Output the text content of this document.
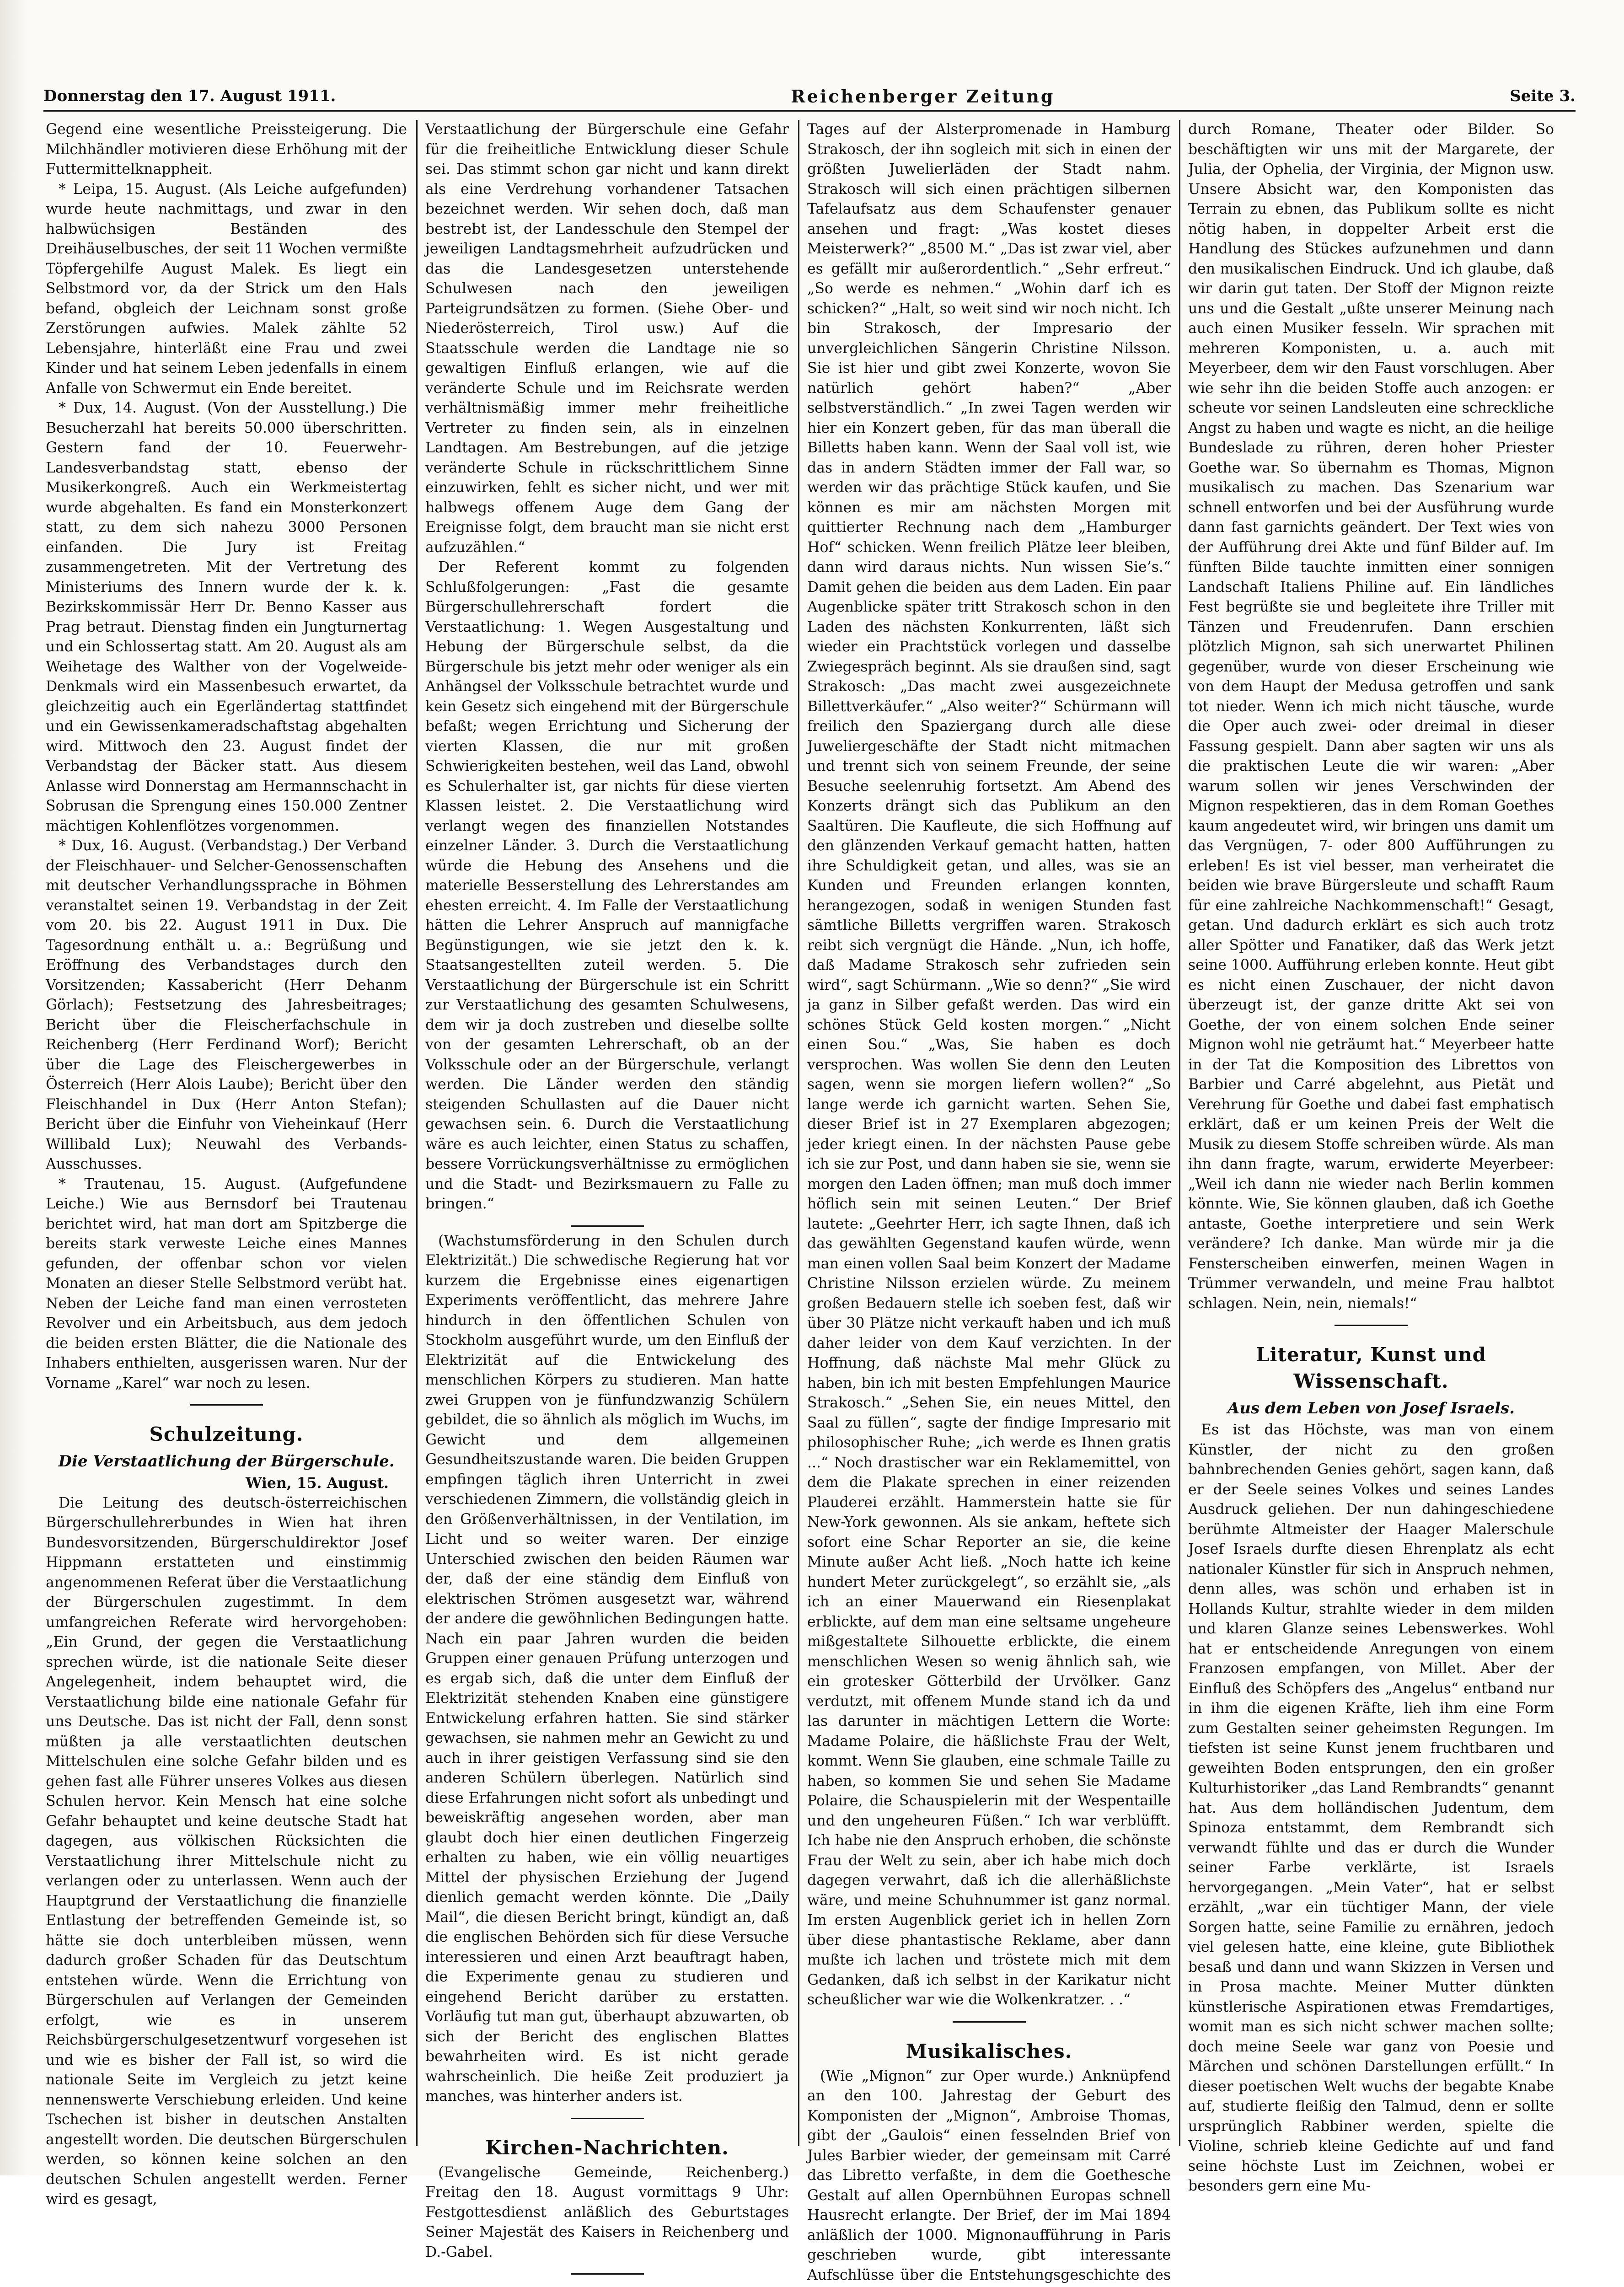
Donnerstag den 17. August 1911.	Reichenberger Zeitung	Seite 3.

Gegend eine wesentliche Preissteigerung. Die Milchhändler motivieren diese Erhöhung mit der Futtermittelknappheit.

* Leipa, 15. August. (Als Leiche aufgefunden) wurde heute nachmittags, und zwar in den halbwüchsigen Beständen des Dreihäuselbusches, der seit 11 Wochen vermißte Töpfergehilfe August Malek. Es liegt ein Selbstmord vor, da der Strick um den Hals befand, obgleich der Leichnam sonst große Zerstörungen aufwies. Malek zählte 52 Lebensjahre, hinterläßt eine Frau und zwei Kinder und hat seinem Leben jedenfalls in einem Anfalle von Schwermut ein Ende bereitet.

* Dux, 14. August. (Von der Ausstellung.) Die Besucherzahl hat bereits 50.000 überschritten. Gestern fand der 10. Feuerwehr-Landesverbandstag statt, ebenso der Musikerkongreß. Auch ein Werkmeistertag wurde abgehalten. Es fand ein Monsterkonzert statt, zu dem sich nahezu 3000 Personen einfanden. Die Jury ist Freitag zusammengetreten. Mit der Vertretung des Ministeriums des Innern wurde der k. k. Bezirkskommissär Herr Dr. Benno Kasser aus Prag betraut. Dienstag finden ein Jungturnertag und ein Schlossertag statt. Am 20. August als am Weihetage des Walther von der Vogelweide-Denkmals wird ein Massenbesuch erwartet, da gleichzeitig auch ein Egerländertag stattfindet und ein Gewissenkameradschaftstag abgehalten wird. Mittwoch den 23. August findet der Verbandstag der Bäcker statt. Aus diesem Anlasse wird Donnerstag am Hermannschacht in Sobrusan die Sprengung eines 150.000 Zentner mächtigen Kohlenflötzes vorgenommen.

* Dux, 16. August. (Verbandstag.) Der Verband der Fleischhauer- und Selcher-Genossenschaften mit deutscher Verhandlungssprache in Böhmen veranstaltet seinen 19. Verbandstag in der Zeit vom 20. bis 22. August 1911 in Dux. Die Tagesordnung enthält u. a.: Begrüßung und Eröffnung des Verbandstages durch den Vorsitzenden; Kassabericht (Herr Dehanm Görlach); Festsetzung des Jahresbeitrages; Bericht über die Fleischerfachschule in Reichenberg (Herr Ferdinand Worf); Bericht über die Lage des Fleischergewerbes in Österreich (Herr Alois Laube); Bericht über den Fleischhandel in Dux (Herr Anton Stefan); Bericht über die Einfuhr von Vieheinkauf (Herr Willibald Lux); Neuwahl des Verbands-Ausschusses.

* Trautenau, 15. August. (Aufgefundene Leiche.) Wie aus Bernsdorf bei Trautenau berichtet wird, hat man dort am Spitzberge die bereits stark verweste Leiche eines Mannes gefunden, der offenbar schon vor vielen Monaten an dieser Stelle Selbstmord verübt hat. Neben der Leiche fand man einen verrosteten Revolver und ein Arbeitsbuch, aus dem jedoch die beiden ersten Blätter, die die Nationale des Inhabers enthielten, ausgerissen waren. Nur der Vorname „Karel“ war noch zu lesen.

Schulzeitung.
Die Verstaatlichung der Bürgerschule.

Wien, 15. August.

Die Leitung des deutsch-österreichischen Bürgerschullehrerbundes in Wien hat ihren Bundesvorsitzenden, Bürgerschuldirektor Josef Hippmann erstatteten und einstimmig angenommenen Referat über die Verstaatlichung der Bürgerschulen zugestimmt. In dem umfangreichen Referate wird hervorgehoben: „Ein Grund, der gegen die Verstaatlichung sprechen würde, ist die nationale Seite dieser Angelegenheit, indem behauptet wird, die Verstaatlichung bilde eine nationale Gefahr für uns Deutsche. Das ist nicht der Fall, denn sonst müßten ja alle verstaatlichten deutschen Mittelschulen eine solche Gefahr bilden und es gehen fast alle Führer unseres Volkes aus diesen Schulen hervor. Kein Mensch hat eine solche Gefahr behauptet und keine deutsche Stadt hat dagegen, aus völkischen Rücksichten die Verstaatlichung ihrer Mittelschule nicht zu verlangen oder zu unterlassen. Wenn auch der Hauptgrund der Verstaatlichung die finanzielle Entlastung der betreffenden Gemeinde ist, so hätte sie doch unterbleiben müssen, wenn dadurch großer Schaden für das Deutschtum entstehen würde. Wenn die Errichtung von Bürgerschulen auf Verlangen der Gemeinden erfolgt, wie es in unserem Reichsbürgerschulgesetzentwurf vorgesehen ist und wie es bisher der Fall ist, so wird die nationale Seite im Vergleich zu jetzt keine nennenswerte Verschiebung erleiden. Und keine Tschechen ist bisher in deutschen Anstalten angestellt worden. Die deutschen Bürgerschulen werden, so können keine solchen an den deutschen Schulen angestellt werden. Ferner wird es gesagt,

Verstaatlichung der Bürgerschule eine Gefahr für die freiheitliche Entwicklung dieser Schule sei. Das stimmt schon gar nicht und kann direkt als eine Verdrehung vorhandener Tatsachen bezeichnet werden. Wir sehen doch, daß man bestrebt ist, der Landesschule den Stempel der jeweiligen Landtagsmehrheit aufzudrücken und das die Landesgesetzen unterstehende Schulwesen nach den jeweiligen Parteigrundsätzen zu formen. (Siehe Ober- und Niederösterreich, Tirol usw.) Auf die Staatsschule werden die Landtage nie so gewaltigen Einfluß erlangen, wie auf die veränderte Schule und im Reichsrate werden verhältnismäßig immer mehr freiheitliche Vertreter zu finden sein, als in einzelnen Landtagen. Am Bestrebungen, auf die jetzige veränderte Schule in rückschrittlichem Sinne einzuwirken, fehlt es sicher nicht, und wer mit halbwegs offenem Auge dem Gang der Ereignisse folgt, dem braucht man sie nicht erst aufzuzählen.“

Der Referent kommt zu folgenden Schlußfolgerungen: „Fast die gesamte Bürgerschullehrerschaft fordert die Verstaatlichung: 1. Wegen Ausgestaltung und Hebung der Bürgerschule selbst, da die Bürgerschule bis jetzt mehr oder weniger als ein Anhängsel der Volksschule betrachtet wurde und kein Gesetz sich eingehend mit der Bürgerschule befaßt; wegen Errichtung und Sicherung der vierten Klassen, die nur mit großen Schwierigkeiten bestehen, weil das Land, obwohl es Schulerhalter ist, gar nichts für diese vierten Klassen leistet. 2. Die Verstaatlichung wird verlangt wegen des finanziellen Notstandes einzelner Länder. 3. Durch die Verstaatlichung würde die Hebung des Ansehens und die materielle Besserstellung des Lehrerstandes am ehesten erreicht. 4. Im Falle der Verstaatlichung hätten die Lehrer Anspruch auf mannigfache Begünstigungen, wie sie jetzt den k. k. Staatsangestellten zuteil werden. 5. Die Verstaatlichung der Bürgerschule ist ein Schritt zur Verstaatlichung des gesamten Schulwesens, dem wir ja doch zustreben und dieselbe sollte von der gesamten Lehrerschaft, ob an der Volksschule oder an der Bürgerschule, verlangt werden. Die Länder werden den ständig steigenden Schullasten auf die Dauer nicht gewachsen sein. 6. Durch die Verstaatlichung wäre es auch leichter, einen Status zu schaffen, bessere Vorrückungsverhältnisse zu ermöglichen und die Stadt- und Bezirksmauern zu Falle zu bringen.“

(Wachstumsförderung in den Schulen durch Elektrizität.) Die schwedische Regierung hat vor kurzem die Ergebnisse eines eigenartigen Experiments veröffentlicht, das mehrere Jahre hindurch in den öffentlichen Schulen von Stockholm ausgeführt wurde, um den Einfluß der Elektrizität auf die Entwickelung des menschlichen Körpers zu studieren. Man hatte zwei Gruppen von je fünfundzwanzig Schülern gebildet, die so ähnlich als möglich im Wuchs, im Gewicht und dem allgemeinen Gesundheitszustande waren. Die beiden Gruppen empfingen täglich ihren Unterricht in zwei verschiedenen Zimmern, die vollständig gleich in den Größenverhältnissen, in der Ventilation, im Licht und so weiter waren. Der einzige Unterschied zwischen den beiden Räumen war der, daß der eine ständig dem Einfluß von elektrischen Strömen ausgesetzt war, während der andere die gewöhnlichen Bedingungen hatte. Nach ein paar Jahren wurden die beiden Gruppen einer genauen Prüfung unterzogen und es ergab sich, daß die unter dem Einfluß der Elektrizität stehenden Knaben eine günstigere Entwickelung erfahren hatten. Sie sind stärker gewachsen, sie nahmen mehr an Gewicht zu und auch in ihrer geistigen Verfassung sind sie den anderen Schülern überlegen. Natürlich sind diese Erfahrungen nicht sofort als unbedingt und beweiskräftig angesehen worden, aber man glaubt doch hier einen deutlichen Fingerzeig erhalten zu haben, wie ein völlig neuartiges Mittel der physischen Erziehung der Jugend dienlich gemacht werden könnte. Die „Daily Mail“, die diesen Bericht bringt, kündigt an, daß die englischen Behörden sich für diese Versuche interessieren und einen Arzt beauftragt haben, die Experimente genau zu studieren und eingehend Bericht darüber zu erstatten. Vorläufig tut man gut, überhaupt abzuwarten, ob sich der Bericht des englischen Blattes bewahrheiten wird. Es ist nicht gerade wahrscheinlich. Die heiße Zeit produziert ja manches, was hinterher anders ist.

Kirchen-Nachrichten.

(Evangelische Gemeinde, Reichenberg.) Freitag den 18. August vormittags 9 Uhr: Festgottesdienst anläßlich des Geburtstages Seiner Majestät des Kaisers in Reichenberg und D.-Gabel.

Tages auf der Alsterpromenade in Hamburg Strakosch, der ihn sogleich mit sich in einen der größten Juwelierläden der Stadt nahm. Strakosch will sich einen prächtigen silbernen Tafelaufsatz aus dem Schaufenster genauer ansehen und fragt: „Was kostet dieses Meisterwerk?“ „8500 M.“ „Das ist zwar viel, aber es gefällt mir außerordentlich.“ „Sehr erfreut.“ „So werde es nehmen.“ „Wohin darf ich es schicken?“ „Halt, so weit sind wir noch nicht. Ich bin Strakosch, der Impresario der unvergleichlichen Sängerin Christine Nilsson. Sie ist hier und gibt zwei Konzerte, wovon Sie natürlich gehört haben?“ „Aber selbstverständlich.“ „In zwei Tagen werden wir hier ein Konzert geben, für das man überall die Billetts haben kann. Wenn der Saal voll ist, wie das in andern Städten immer der Fall war, so werden wir das prächtige Stück kaufen, und Sie können es mir am nächsten Morgen mit quittierter Rechnung nach dem „Hamburger Hof“ schicken. Wenn freilich Plätze leer bleiben, dann wird daraus nichts. Nun wissen Sie’s.“ Damit gehen die beiden aus dem Laden. Ein paar Augenblicke später tritt Strakosch schon in den Laden des nächsten Konkurrenten, läßt sich wieder ein Prachtstück vorlegen und dasselbe Zwiegespräch beginnt. Als sie draußen sind, sagt Strakosch: „Das macht zwei ausgezeichnete Billettverkäufer.“ „Also weiter?“ Schürmann will freilich den Spaziergang durch alle diese Juweliergeschäfte der Stadt nicht mitmachen und trennt sich von seinem Freunde, der seine Besuche seelenruhig fortsetzt. Am Abend des Konzerts drängt sich das Publikum an den Saaltüren. Die Kaufleute, die sich Hoffnung auf den glänzenden Verkauf gemacht hatten, hatten ihre Schuldigkeit getan, und alles, was sie an Kunden und Freunden erlangen konnten, herangezogen, sodaß in wenigen Stunden fast sämtliche Billetts vergriffen waren. Strakosch reibt sich vergnügt die Hände. „Nun, ich hoffe, daß Madame Strakosch sehr zufrieden sein wird“, sagt Schürmann. „Wie so denn?“ „Sie wird ja ganz in Silber gefaßt werden. Das wird ein schönes Stück Geld kosten morgen.“ „Nicht einen Sou.“ „Was, Sie haben es doch versprochen. Was wollen Sie denn den Leuten sagen, wenn sie morgen liefern wollen?“ „So lange werde ich garnicht warten. Sehen Sie, dieser Brief ist in 27 Exemplaren abgezogen; jeder kriegt einen. In der nächsten Pause gebe ich sie zur Post, und dann haben sie sie, wenn sie morgen den Laden öffnen; man muß doch immer höflich sein mit seinen Leuten.“ Der Brief lautete: „Geehrter Herr, ich sagte Ihnen, daß ich das gewählten Gegenstand kaufen würde, wenn man einen vollen Saal beim Konzert der Madame Christine Nilsson erzielen würde. Zu meinem großen Bedauern stelle ich soeben fest, daß wir über 30 Plätze nicht verkauft haben und ich muß daher leider von dem Kauf verzichten. In der Hoffnung, daß nächste Mal mehr Glück zu haben, bin ich mit besten Empfehlungen Maurice Strakosch.“ „Sehen Sie, ein neues Mittel, den Saal zu füllen“, sagte der findige Impresario mit philosophischer Ruhe; „ich werde es Ihnen gratis ...“ Noch drastischer war ein Reklamemittel, von dem die Plakate sprechen in einer reizenden Plauderei erzählt. Hammerstein hatte sie für New-York gewonnen. Als sie ankam, heftete sich sofort eine Schar Reporter an sie, die keine Minute außer Acht ließ. „Noch hatte ich keine hundert Meter zurückgelegt“, so erzählt sie, „als ich an einer Mauerwand ein Riesenplakat erblickte, auf dem man eine seltsame ungeheure mißgestaltete Silhouette erblickte, die einem menschlichen Wesen so wenig ähnlich sah, wie ein grotesker Götterbild der Urvölker. Ganz verdutzt, mit offenem Munde stand ich da und las darunter in mächtigen Lettern die Worte: Madame Polaire, die häßlichste Frau der Welt, kommt. Wenn Sie glauben, eine schmale Taille zu haben, so kommen Sie und sehen Sie Madame Polaire, die Schauspielerin mit der Wespentaille und den ungeheuren Füßen.“ Ich war verblüfft. Ich habe nie den Anspruch erhoben, die schönste Frau der Welt zu sein, aber ich habe mich doch dagegen verwahrt, daß ich die allerhäßlichste wäre, und meine Schuhnummer ist ganz normal. Im ersten Augenblick geriet ich in hellen Zorn über diese phantastische Reklame, aber dann mußte ich lachen und tröstete mich mit dem Gedanken, daß ich selbst in der Karikatur nicht scheußlicher war wie die Wolkenkratzer. . .“

Musikalisches.

(Wie „Mignon“ zur Oper wurde.) Anknüpfend an den 100. Jahrestag der Geburt des Komponisten der „Mignon“, Ambroise Thomas, gibt der „Gaulois“ einen fesselnden Brief von Jules Barbier wieder, der gemeinsam mit Carré das Libretto verfaßte, in dem die Goethesche Gestalt auf allen Opernbühnen Europas schnell Hausrecht erlangte. Der Brief, der im Mai 1894 anläßlich der 1000. Mignonaufführung in Paris geschrieben wurde, gibt interessante Aufschlüsse über die Entstehungsgeschichte des

durch Romane, Theater oder Bilder. So beschäftigten wir uns mit der Margarete, der Julia, der Ophelia, der Virginia, der Mignon usw. Unsere Absicht war, den Komponisten das Terrain zu ebnen, das Publikum sollte es nicht nötig haben, in doppelter Arbeit erst die Handlung des Stückes aufzunehmen und dann den musikalischen Eindruck. Und ich glaube, daß wir darin gut taten. Der Stoff der Mignon reizte uns und die Gestalt „ußte unserer Meinung nach auch einen Musiker fesseln. Wir sprachen mit mehreren Komponisten, u. a. auch mit Meyerbeer, dem wir den Faust vorschlugen. Aber wie sehr ihn die beiden Stoffe auch anzogen: er scheute vor seinen Landsleuten eine schreckliche Angst zu haben und wagte es nicht, an die heilige Bundeslade zu rühren, deren hoher Priester Goethe war. So übernahm es Thomas, Mignon musikalisch zu machen. Das Szenarium war schnell entworfen und bei der Ausführung wurde dann fast garnichts geändert. Der Text wies von der Aufführung drei Akte und fünf Bilder auf. Im fünften Bilde tauchte inmitten einer sonnigen Landschaft Italiens Philine auf. Ein ländliches Fest begrüßte sie und begleitete ihre Triller mit Tänzen und Freudenrufen. Dann erschien plötzlich Mignon, sah sich unerwartet Philinen gegenüber, wurde von dieser Erscheinung wie von dem Haupt der Medusa getroffen und sank tot nieder. Wenn ich mich nicht täusche, wurde die Oper auch zwei- oder dreimal in dieser Fassung gespielt. Dann aber sagten wir uns als die praktischen Leute die wir waren: „Aber warum sollen wir jenes Verschwinden der Mignon respektieren, das in dem Roman Goethes kaum angedeutet wird, wir bringen uns damit um das Vergnügen, 7- oder 800 Aufführungen zu erleben! Es ist viel besser, man verheiratet die beiden wie brave Bürgersleute und schafft Raum für eine zahlreiche Nachkommenschaft!“ Gesagt, getan. Und dadurch erklärt es sich auch trotz aller Spötter und Fanatiker, daß das Werk jetzt seine 1000. Aufführung erleben konnte. Heut gibt es nicht einen Zuschauer, der nicht davon überzeugt ist, der ganze dritte Akt sei von Goethe, der von einem solchen Ende seiner Mignon wohl nie geträumt hat.“ Meyerbeer hatte in der Tat die Komposition des Librettos von Barbier und Carré abgelehnt, aus Pietät und Verehrung für Goethe und dabei fast emphatisch erklärt, daß er um keinen Preis der Welt die Musik zu diesem Stoffe schreiben würde. Als man ihn dann fragte, warum, erwiderte Meyerbeer: „Weil ich dann nie wieder nach Berlin kommen könnte. Wie, Sie können glauben, daß ich Goethe antaste, Goethe interpretiere und sein Werk verändere? Ich danke. Man würde mir ja die Fensterscheiben einwerfen, meinen Wagen in Trümmer verwandeln, und meine Frau halbtot schlagen. Nein, nein, niemals!“

Literatur, Kunst und Wissenschaft.
Aus dem Leben von Josef Israels.

Es ist das Höchste, was man von einem Künstler, der nicht zu den großen bahnbrechenden Genies gehört, sagen kann, daß er der Seele seines Volkes und seines Landes Ausdruck geliehen. Der nun dahingeschiedene berühmte Altmeister der Haager Malerschule Josef Israels durfte diesen Ehrenplatz als echt nationaler Künstler für sich in Anspruch nehmen, denn alles, was schön und erhaben ist in Hollands Kultur, strahlte wieder in dem milden und klaren Glanze seines Lebenswerkes. Wohl hat er entscheidende Anregungen von einem Franzosen empfangen, von Millet. Aber der Einfluß des Schöpfers des „Angelus“ entband nur in ihm die eigenen Kräfte, lieh ihm eine Form zum Gestalten seiner geheimsten Regungen. Im tiefsten ist seine Kunst jenem fruchtbaren und geweihten Boden entsprungen, den ein großer Kulturhistoriker „das Land Rembrandts“ genannt hat. Aus dem holländischen Judentum, dem Spinoza entstammt, dem Rembrandt sich verwandt fühlte und das er durch die Wunder seiner Farbe verklärte, ist Israels hervorgegangen. „Mein Vater“, hat er selbst erzählt, „war ein tüchtiger Mann, der viele Sorgen hatte, seine Familie zu ernähren, jedoch viel gelesen hatte, eine kleine, gute Bibliothek besaß und dann und wann Skizzen in Versen und in Prosa machte. Meiner Mutter dünkten künstlerische Aspirationen etwas Fremdartiges, womit man es sich nicht schwer machen sollte; doch meine Seele war ganz von Poesie und Märchen und schönen Darstellungen erfüllt.“ In dieser poetischen Welt wuchs der begabte Knabe auf, studierte fleißig den Talmud, denn er sollte ursprünglich Rabbiner werden, spielte die Violine, schrieb kleine Gedichte auf und fand seine höchste Lust im Zeichnen, wobei er besonders gern eine Mu-
